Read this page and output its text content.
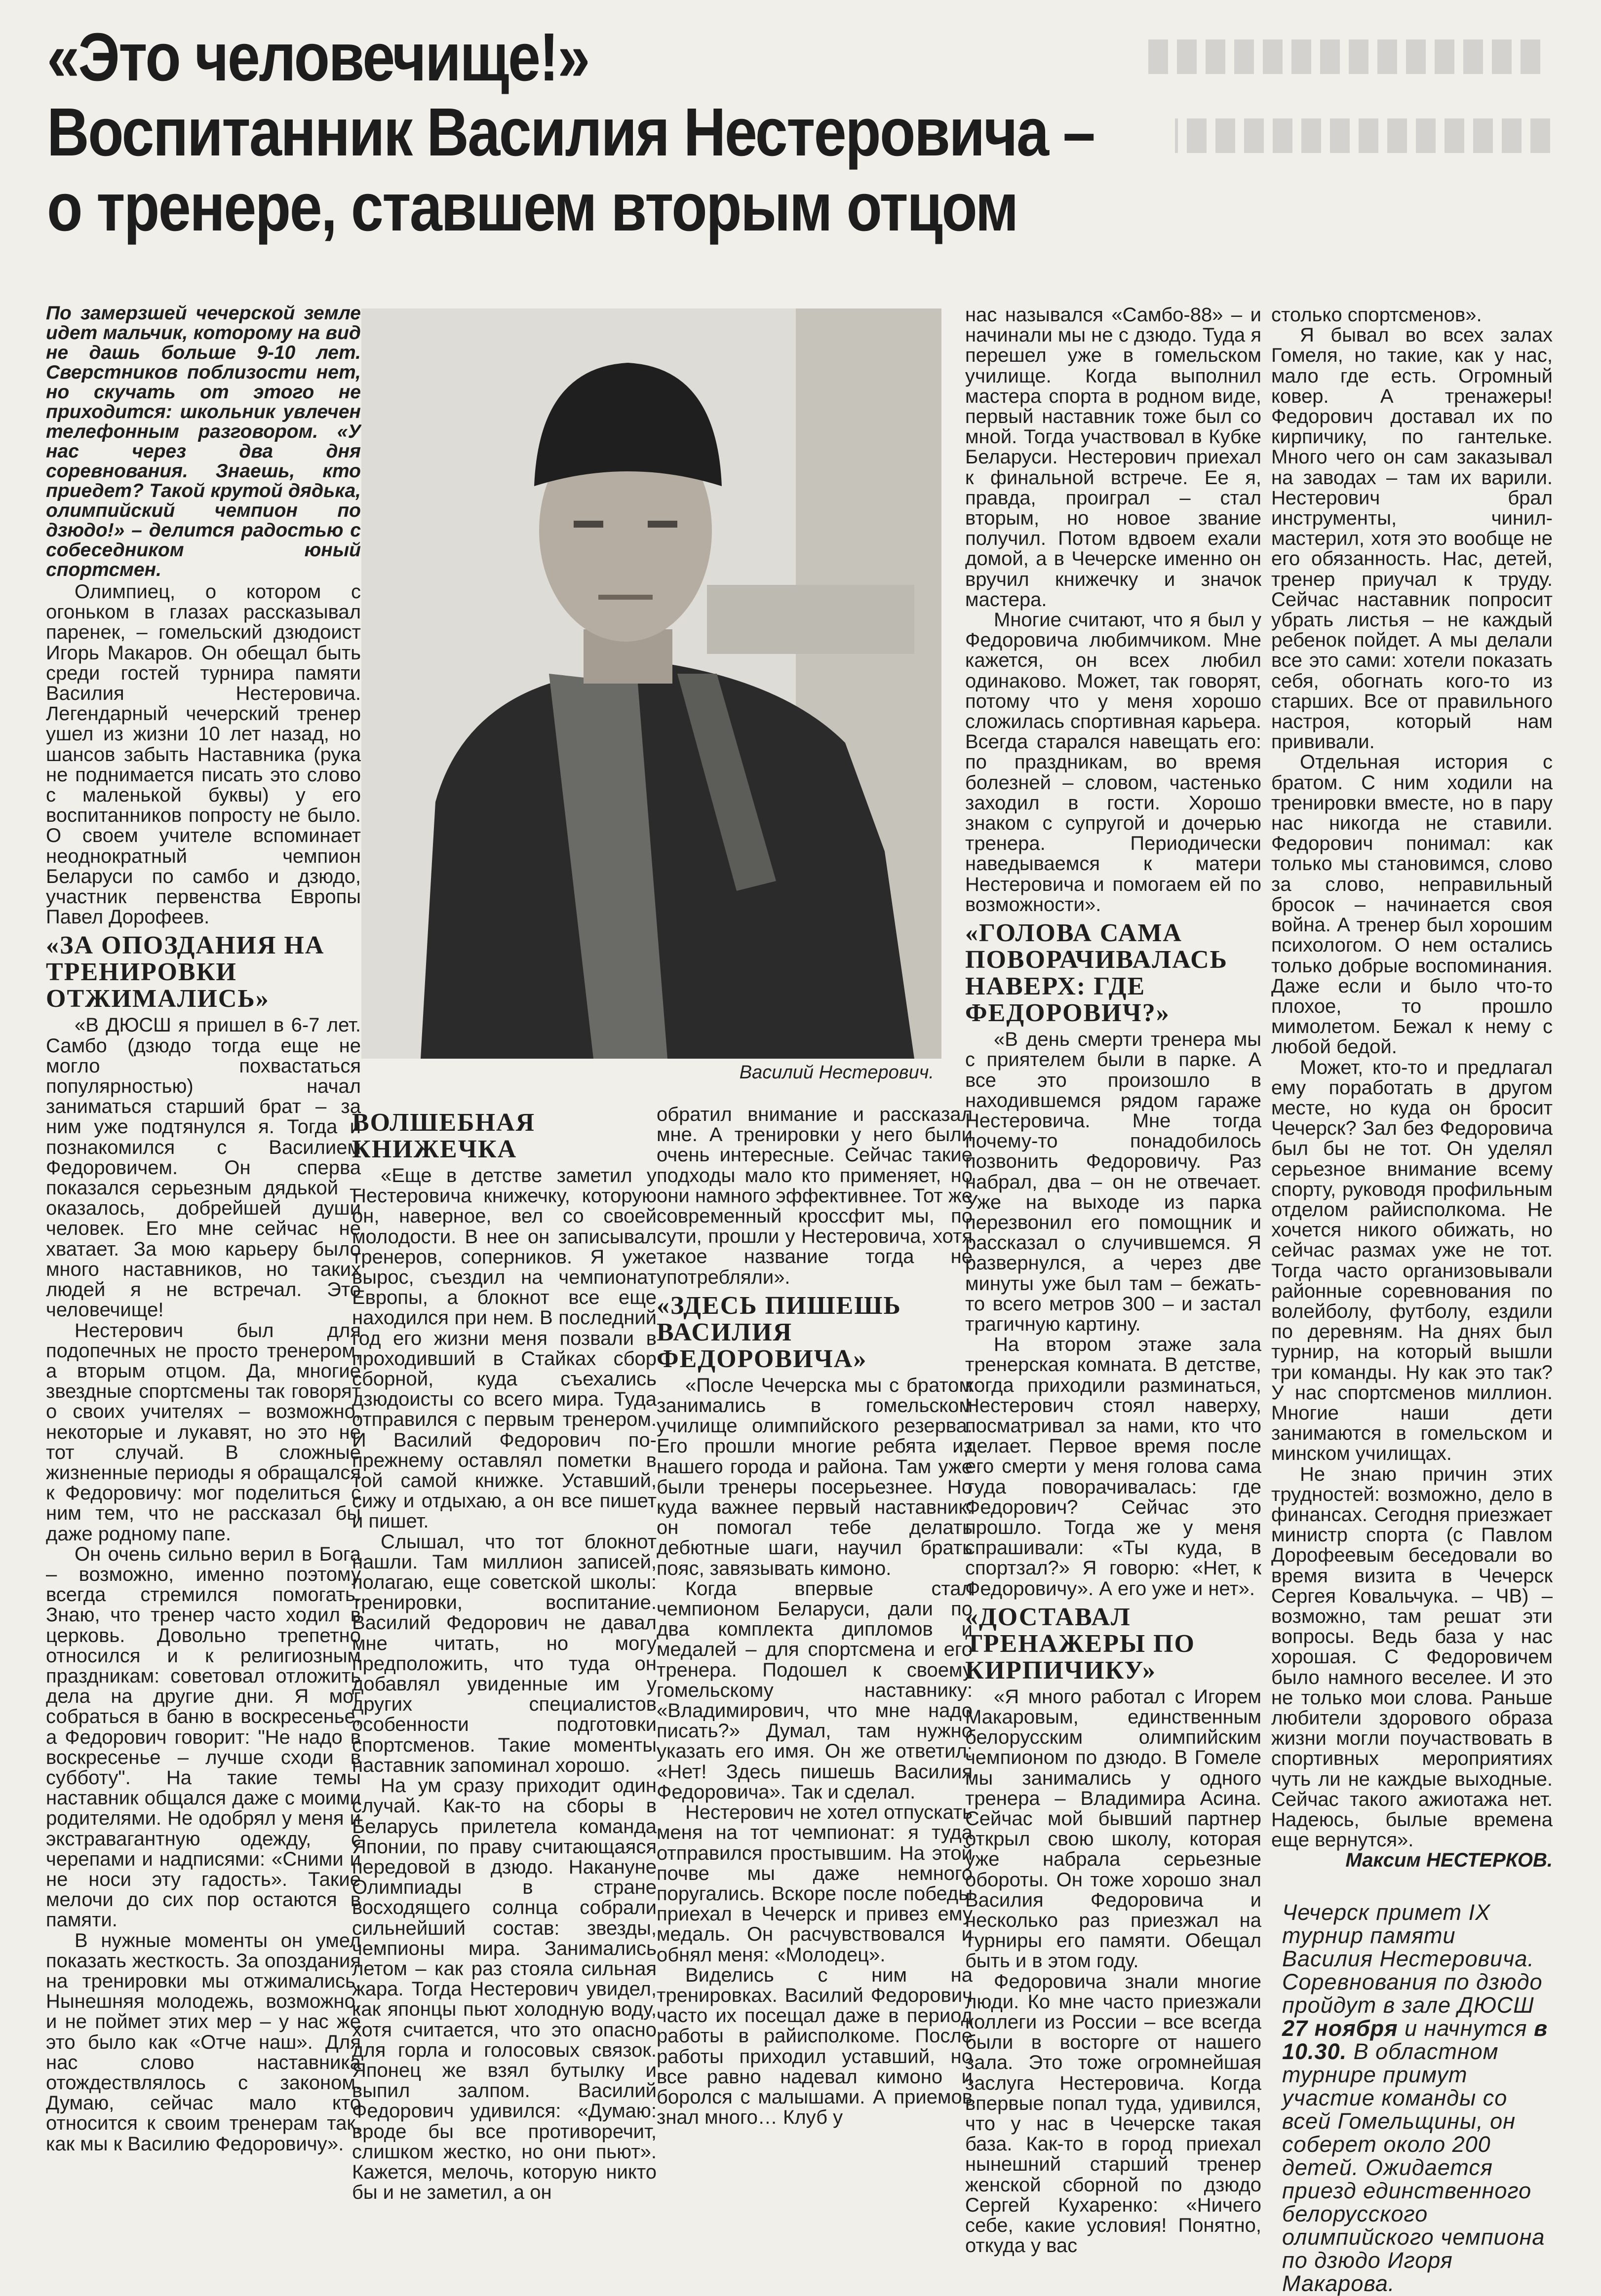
«Это человечище!»
Воспитанник Василия Нестеровича –
о тренере, ставшем вторым отцом

По замерзшей чечерской земле идет мальчик, которому на вид не дашь больше 9-10 лет. Сверстников поблизости нет, но скучать от этого не приходится: школьник увлечен телефонным разговором. «У нас через два дня соревнования. Знаешь, кто приедет? Такой крутой дядька, олимпийский чемпион по дзюдо!» – делится радостью с собеседником юный спортсмен.

Олимпиец, о котором с огоньком в глазах рассказывал паренек, – гомельский дзюдоист Игорь Макаров. Он обещал быть среди гостей турнира памяти Василия Нестеровича. Легендарный чечерский тренер ушел из жизни 10 лет назад, но шансов забыть Наставника (рука не поднимается писать это слово с маленькой буквы) у его воспитанников попросту не было. О своем учителе вспоминает неоднократный чемпион Беларуси по самбо и дзюдо, участник первенства Европы Павел Дорофеев.

«ЗА ОПОЗДАНИЯ НА ТРЕНИРОВКИ ОТЖИМАЛИСЬ»

«В ДЮСШ я пришел в 6-7 лет. Самбо (дзюдо тогда еще не могло похвастаться популярностью) начал заниматься старший брат – за ним уже подтянулся я. Тогда и познакомился с Василием Федоровичем. Он сперва показался серьезным дядькой – оказалось, добрейшей души человек. Его мне сейчас не хватает. За мою карьеру было много наставников, но таких людей я не встречал. Это человечище!

Нестерович был для подопечных не просто тренером, а вторым отцом. Да, многие звездные спортсмены так говорят о своих учителях – возможно, некоторые и лукавят, но это не тот случай. В сложные жизненные периоды я обращался к Федоровичу: мог поделиться с ним тем, что не рассказал бы даже родному папе.

Он очень сильно верил в Бога – возможно, именно поэтому всегда стремился помогать. Знаю, что тренер часто ходил в церковь. Довольно трепетно относился и к религиозным праздникам: советовал отложить дела на другие дни. Я мог собраться в баню в воскресенье, а Федорович говорит: "Не надо в воскресенье – лучше сходи в субботу". На такие темы наставник общался даже с моими родителями. Не одобрял у меня и экстравагантную одежду, с черепами и надписями: «Сними и не носи эту гадость». Такие мелочи до сих пор остаются в памяти.

В нужные моменты он умел показать жесткость. За опоздания на тренировки мы отжимались. Нынешняя молодежь, возможно, и не поймет этих мер – у нас же это было как «Отче наш». Для нас слово наставника отождествлялось с законом. Думаю, сейчас мало кто относится к своим тренерам так, как мы к Василию Федоровичу».

Василий Нестерович.
ВОЛШЕБНАЯ КНИЖЕЧКА

«Еще в детстве заметил у Нестеровича книжечку, которую он, наверное, вел со своей молодости. В нее он записывал тренеров, соперников. Я уже вырос, съездил на чемпионат Европы, а блокнот все еще находился при нем. В последний год его жизни меня позвали в проходивший в Стайках сбор сборной, куда съехались дзюдоисты со всего мира. Туда отправился с первым тренером. И Василий Федорович по-прежнему оставлял пометки в той самой книжке. Уставший, сижу и отдыхаю, а он все пишет и пишет.

Слышал, что тот блокнот нашли. Там миллион записей, полагаю, еще советской школы: тренировки, воспитание. Василий Федорович не давал мне читать, но могу предположить, что туда он добавлял увиденные им у других специалистов особенности подготовки спортсменов. Такие моменты наставник запоминал хорошо.

На ум сразу приходит один случай. Как-то на сборы в Беларусь прилетела команда Японии, по праву считающаяся передовой в дзюдо. Накануне Олимпиады в стране восходящего солнца собрали сильнейший состав: звезды, чемпионы мира. Занимались летом – как раз стояла сильная жара. Тогда Нестерович увидел, как японцы пьют холодную воду, хотя считается, что это опасно для горла и голосовых связок. Японец же взял бутылку и выпил залпом. Василий Федорович удивился: «Думаю: вроде бы все противоречит, слишком жестко, но они пьют». Кажется, мелочь, которую никто бы и не заметил, а он

обратил внимание и рассказал мне. А тренировки у него были очень интересные. Сейчас такие подходы мало кто применяет, но они намного эффективнее. Тот же современный кроссфит мы, по сути, прошли у Нестеровича, хотя такое название тогда не употребляли».

«ЗДЕСЬ ПИШЕШЬ ВАСИЛИЯ ФЕДОРОВИЧА»

«После Чечерска мы с братом занимались в гомельском училище олимпийского резерва. Его прошли многие ребята из нашего города и района. Там уже были тренеры посерьезнее. Но куда важнее первый наставник: он помогал тебе делать дебютные шаги, научил брать пояс, завязывать кимоно.

Когда впервые стал чемпионом Беларуси, дали по два комплекта дипломов и медалей – для спортсмена и его тренера. Подошел к своему гомельскому наставнику: «Владимирович, что мне надо писать?» Думал, там нужно указать его имя. Он же ответил: «Нет! Здесь пишешь Василия Федоровича». Так и сделал.

Нестерович не хотел отпускать меня на тот чемпионат: я туда отправился простывшим. На этой почве мы даже немного поругались. Вскоре после победы приехал в Чечерск и привез ему медаль. Он расчувствовался и обнял меня: «Молодец».

Виделись с ним на тренировках. Василий Федорович часто их посещал даже в период работы в райисполкоме. После работы приходил уставший, но все равно надевал кимоно и боролся с малышами. А приемов знал много… Клуб у

нас назывался «Самбо-88» – и начинали мы не с дзюдо. Туда я перешел уже в гомельском училище. Когда выполнил мастера спорта в родном виде, первый наставник тоже был со мной. Тогда участвовал в Кубке Беларуси. Нестерович приехал к финальной встрече. Ее я, правда, проиграл – стал вторым, но новое звание получил. Потом вдвоем ехали домой, а в Чечерске именно он вручил книжечку и значок мастера.

Многие считают, что я был у Федоровича любимчиком. Мне кажется, он всех любил одинаково. Может, так говорят, потому что у меня хорошо сложилась спортивная карьера. Всегда старался навещать его: по праздникам, во время болезней – словом, частенько заходил в гости. Хорошо знаком с супругой и дочерью тренера. Периодически наведываемся к матери Нестеровича и помогаем ей по возможности».

«ГОЛОВА САМА ПОВОРАЧИВАЛАСЬ НАВЕРХ: ГДЕ ФЕДОРОВИЧ?»

«В день смерти тренера мы с приятелем были в парке. А все это произошло в находившемся рядом гараже Нестеровича. Мне тогда почему-то понадобилось позвонить Федоровичу. Раз набрал, два – он не отвечает. Уже на выходе из парка перезвонил его помощник и рассказал о случившемся. Я развернулся, а через две минуты уже был там – бежать-то всего метров 300 – и застал трагичную картину.

На втором этаже зала тренерская комната. В детстве, когда приходили разминаться, Нестерович стоял наверху, посматривал за нами, кто что делает. Первое время после его смерти у меня голова сама туда поворачивалась: где Федорович? Сейчас это прошло. Тогда же у меня спрашивали: «Ты куда, в спортзал?» Я говорю: «Нет, к Федоровичу». А его уже и нет».

«ДОСТАВАЛ ТРЕНАЖЕРЫ ПО КИРПИЧИКУ»

«Я много работал с Игорем Макаровым, единственным белорусским олимпийским чемпионом по дзюдо. В Гомеле мы занимались у одного тренера – Владимира Асина. Сейчас мой бывший партнер открыл свою школу, которая уже набрала серьезные обороты. Он тоже хорошо знал Василия Федоровича и несколько раз приезжал на турниры его памяти. Обещал быть и в этом году.

Федоровича знали многие люди. Ко мне часто приезжали коллеги из России – все всегда были в восторге от нашего зала. Это тоже огромнейшая заслуга Нестеровича. Когда впервые попал туда, удивился, что у нас в Чечерске такая база. Как-то в город приехал нынешний старший тренер женской сборной по дзюдо Сергей Кухаренко: «Ничего себе, какие условия! Понятно, откуда у вас

столько спортсменов».

Я бывал во всех залах Гомеля, но такие, как у нас, мало где есть. Огромный ковер. А тренажеры! Федорович доставал их по кирпичику, по гантельке. Много чего он сам заказывал на заводах – там их варили. Нестерович брал инструменты, чинил-мастерил, хотя это вообще не его обязанность. Нас, детей, тренер приучал к труду. Сейчас наставник попросит убрать листья – не каждый ребенок пойдет. А мы делали все это сами: хотели показать себя, обогнать кого-то из старших. Все от правильного настроя, который нам прививали.

Отдельная история с братом. С ним ходили на тренировки вместе, но в пару нас никогда не ставили. Федорович понимал: как только мы становимся, слово за слово, неправильный бросок – начинается своя война. А тренер был хорошим психологом. О нем остались только добрые воспоминания. Даже если и было что-то плохое, то прошло мимолетом. Бежал к нему с любой бедой.

Может, кто-то и предлагал ему поработать в другом месте, но куда он бросит Чечерск? Зал без Федоровича был бы не тот. Он уделял серьезное внимание всему спорту, руководя профильным отделом райисполкома. Не хочется никого обижать, но сейчас размах уже не тот. Тогда часто организовывали районные соревнования по волейболу, футболу, ездили по деревням. На днях был турнир, на который вышли три команды. Ну как это так? У нас спортсменов миллион. Многие наши дети занимаются в гомельском и минском училищах.

Не знаю причин этих трудностей: возможно, дело в финансах. Сегодня приезжает министр спорта (с Павлом Дорофеевым беседовали во время визита в Чечерск Сергея Ковальчука. – ЧВ) – возможно, там решат эти вопросы. Ведь база у нас хорошая. С Федоровичем было намного веселее. И это не только мои слова. Раньше любители здорового образа жизни могли поучаствовать в спортивных мероприятиях чуть ли не каждые выходные. Сейчас такого ажиотажа нет. Надеюсь, былые времена еще вернутся».

Максим НЕСТЕРКОВ.

Чечерск примет IX турнир памяти Василия Нестеровича. Соревнования по дзюдо пройдут в зале ДЮСШ 27 ноября и начнутся в 10.30. В областном турнире примут участие команды со всей Гомельщины, он соберет около 200 детей. Ожидается приезд единственного белорусского олимпийского чемпиона по дзюдо Игоря Макарова.
